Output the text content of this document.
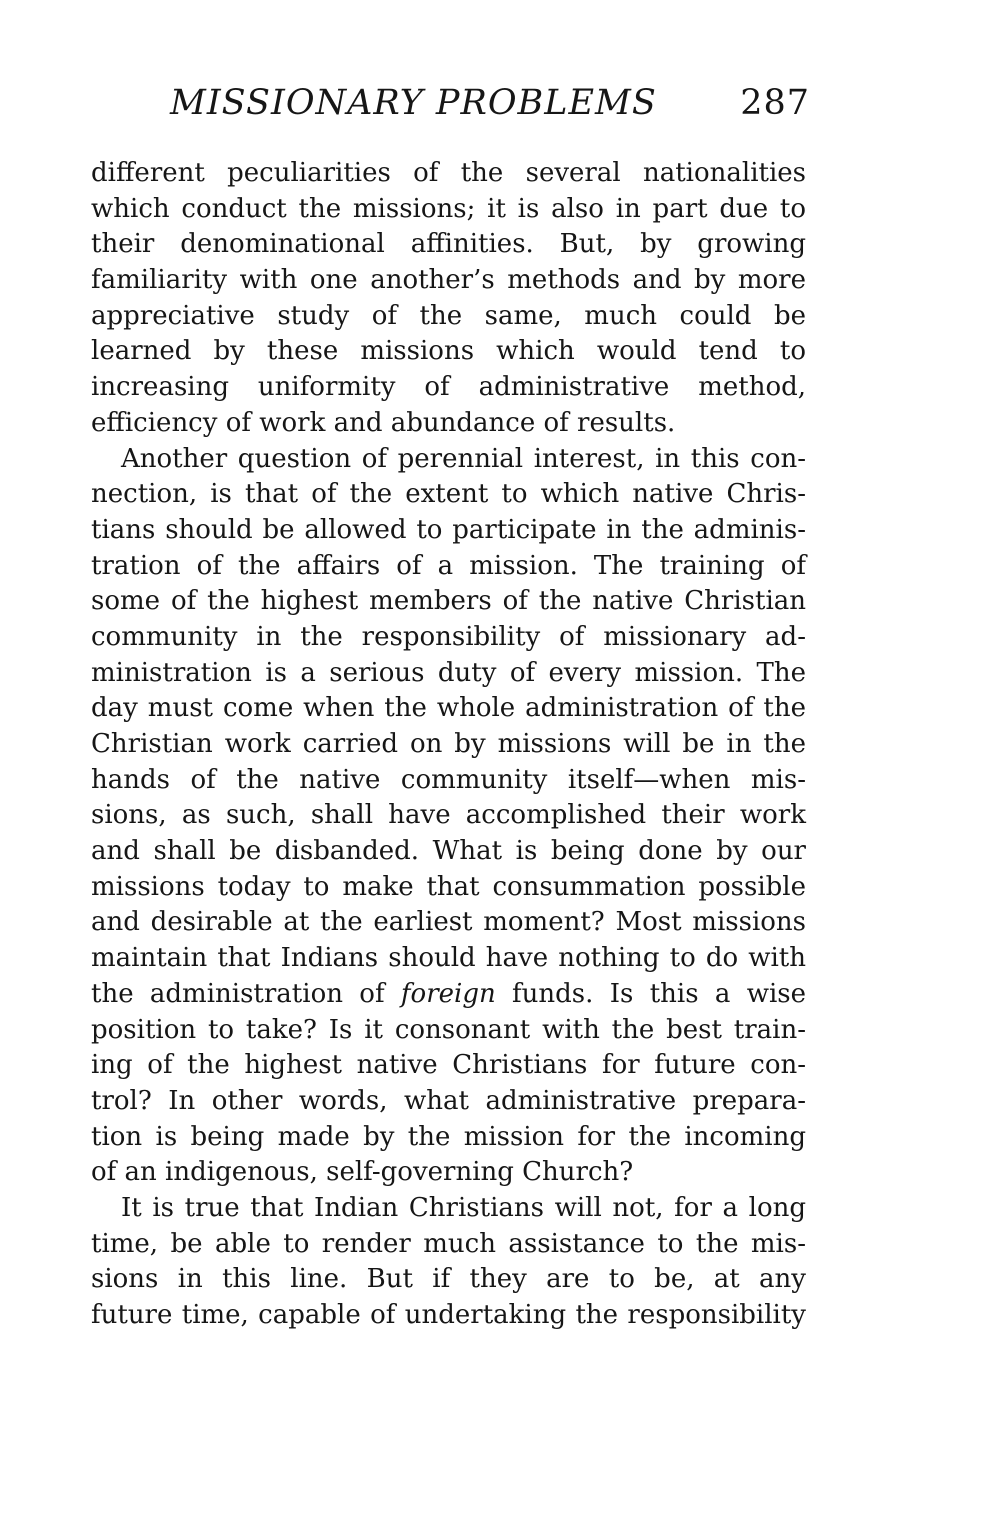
MISSIONARY PROBLEMS 287
different peculiarities of the several nationalities
which conduct the missions; it is also in part due to
their denominational affinities. But, by growing
familiarity with one another’s methods and by more
appreciative study of the same, much could be
learned by these missions which would tend to
increasing uniformity of administrative method,
efficiency of work and abundance of results.
Another question of perennial interest, in this con-
nection, is that of the extent to which native Chris-
tians should be allowed to participate in the adminis-
tration of the affairs of a mission. The training of
some of the highest members of the native Christian
community in the responsibility of missionary ad-
ministration is a serious duty of every mission. The
day must come when the whole administration of the
Christian work carried on by missions will be in the
hands of the native community itself—when mis-
sions, as such, shall have accomplished their work
and shall be disbanded. What is being done by our
missions today to make that consummation possible
and desirable at the earliest moment? Most missions
maintain that Indians should have nothing to do with
the administration of foreign funds. Is this a wise
position to take? Is it consonant with the best train-
ing of the highest native Christians for future con-
trol? In other words, what administrative prepara-
tion is being made by the mission for the incoming
of an indigenous, self-governing Church?
It is true that Indian Christians will not, for a long
time, be able to render much assistance to the mis-
sions in this line. But if they are to be, at any
future time, capable of undertaking the responsibility
